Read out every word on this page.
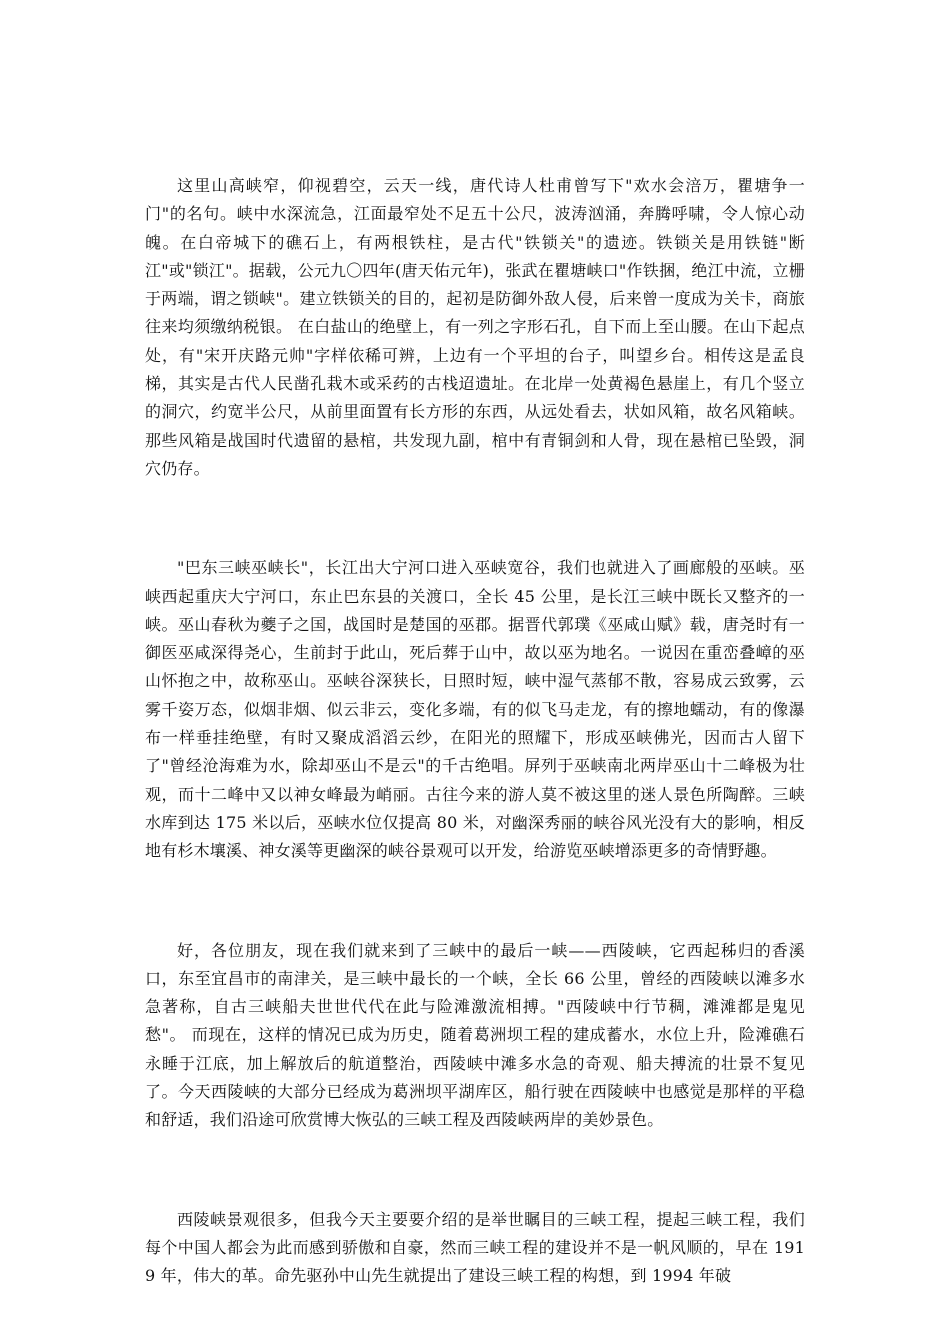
这里山高峡窄，仰视碧空，云天一线，唐代诗人杜甫曾写下"欢水会涪万，瞿塘争一门"的名句。峡中水深流急，江面最窄处不足五十公尺，波涛汹涌，奔腾呼啸，令人惊心动魄。在白帝城下的礁石上，有两根铁柱，是古代"铁锁关"的遗迹。铁锁关是用铁链"断江"或"锁江"。据载，公元九〇四年(唐天佑元年)，张武在瞿塘峡口"作铁捆，绝江中流，立栅于两端，谓之锁峡"。建立铁锁关的目的，起初是防御外敌人侵，后来曾一度成为关卡，商旅往来均须缴纳税银。 在白盐山的绝壁上，有一列之字形石孔，自下而上至山腰。在山下起点处，有"宋开庆路元帅"字样依稀可辨，上边有一个平坦的台子，叫望乡台。相传这是孟良梯，其实是古代人民凿孔栽木或采药的古栈迢遗址。在北岸一处黄褐色悬崖上，有几个竖立的洞穴，约宽半公尺，从前里面置有长方形的东西，从远处看去，状如风箱，故名风箱峡。那些风箱是战国时代遗留的悬棺，共发现九副，棺中有青铜剑和人骨，现在悬棺已坠毁，洞穴仍存。

"巴东三峡巫峡长"，长江出大宁河口进入巫峡宽谷，我们也就进入了画廊般的巫峡。巫峡西起重庆大宁河口，东止巴东县的关渡口，全长 45 公里，是长江三峡中既长又整齐的一峡。巫山春秋为夔子之国，战国时是楚国的巫郡。据晋代郭璞《巫咸山赋》载，唐尧时有一御医巫咸深得尧心，生前封于此山，死后葬于山中，故以巫为地名。一说因在重峦叠嶂的巫山怀抱之中，故称巫山。巫峡谷深狭长，日照时短，峡中湿气蒸郁不散，容易成云致雾，云雾千姿万态，似烟非烟、似云非云，变化多端，有的似飞马走龙，有的擦地蠕动，有的像瀑布一样垂挂绝壁，有时又聚成滔滔云纱，在阳光的照耀下，形成巫峡佛光，因而古人留下了"曾经沧海难为水，除却巫山不是云"的千古绝唱。屏列于巫峡南北两岸巫山十二峰极为壮观，而十二峰中又以神女峰最为峭丽。古往今来的游人莫不被这里的迷人景色所陶醉。三峡水库到达 175 米以后，巫峡水位仅提高 80 米，对幽深秀丽的峡谷风光没有大的影响，相反地有杉木壤溪、神女溪等更幽深的峡谷景观可以开发，给游览巫峡增添更多的奇情野趣。

好，各位朋友，现在我们就来到了三峡中的最后一峡——西陵峡，它西起秭归的香溪口，东至宜昌市的南津关，是三峡中最长的一个峡，全长 66 公里，曾经的西陵峡以滩多水急著称，自古三峡船夫世世代代在此与险滩激流相搏。"西陵峡中行节稠，滩滩都是鬼见愁"。 而现在，这样的情况已成为历史，随着葛洲坝工程的建成蓄水，水位上升，险滩礁石永睡于江底，加上解放后的航道整治，西陵峡中滩多水急的奇观、船夫搏流的壮景不复见了。今天西陵峡的大部分已经成为葛洲坝平湖库区，船行驶在西陵峡中也感觉是那样的平稳和舒适，我们沿途可欣赏博大恢弘的三峡工程及西陵峡两岸的美妙景色。

西陵峡景观很多，但我今天主要要介绍的是举世瞩目的三峡工程，提起三峡工程，我们每个中国人都会为此而感到骄傲和自豪，然而三峡工程的建设并不是一帆风顺的，早在 1919 年，伟大的革。命先驱孙中山先生就提出了建设三峡工程的构想，到 1994 年破
